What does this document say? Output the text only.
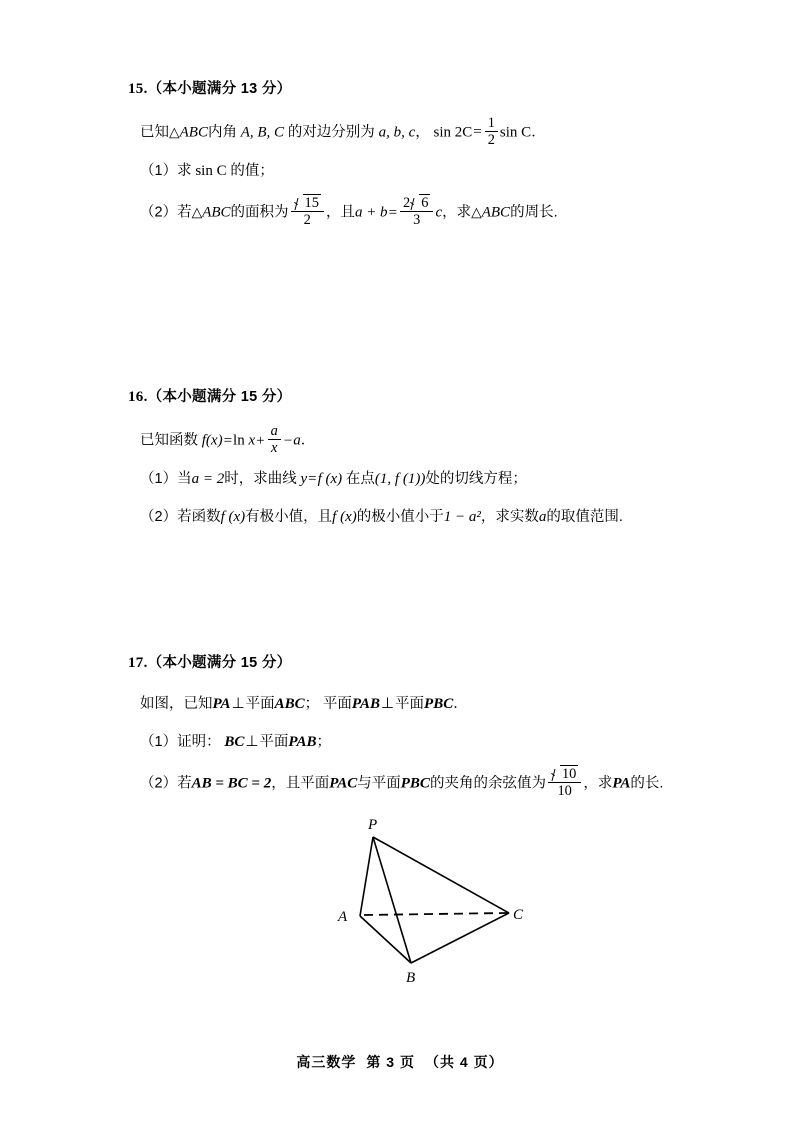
15.（本小题满分 13 分）
已知△ABC内角 A, B, C 的对边分别为 a, b, c， $\sin 2C= \frac{1}{2}$ sin C．
（1）求 sin C 的值；
（2）若△ABC的面积为 $\frac{15}{2}$ ，且$a + b= \frac{2 6}{3}$ c，求△ABC的周长.
16.（本小题满分 15 分）
已知函数 f(x)=ln $x+ \frac{a}{x} -a$．
（1）当a = 2时，求曲线 y=f (x) 在点(1, f (1))处的切线方程；
（2）若函数f (x)有极小值，且f (x)的极小值小于1 − a²，求实数a的取值范围.
17.（本小题满分 15 分）
如图，已知PA⊥平面ABC； 平面PAB⊥平面PBC．
（1）证明： BC⊥平面PAB；
（2）若AB = BC = 2，且平面PAC与平面PBC的夹角的余弦值为 $\frac{10}{10}$ ，求PA的长.
P
A	C
B
高三数学 第 3 页 （共 4 页）
